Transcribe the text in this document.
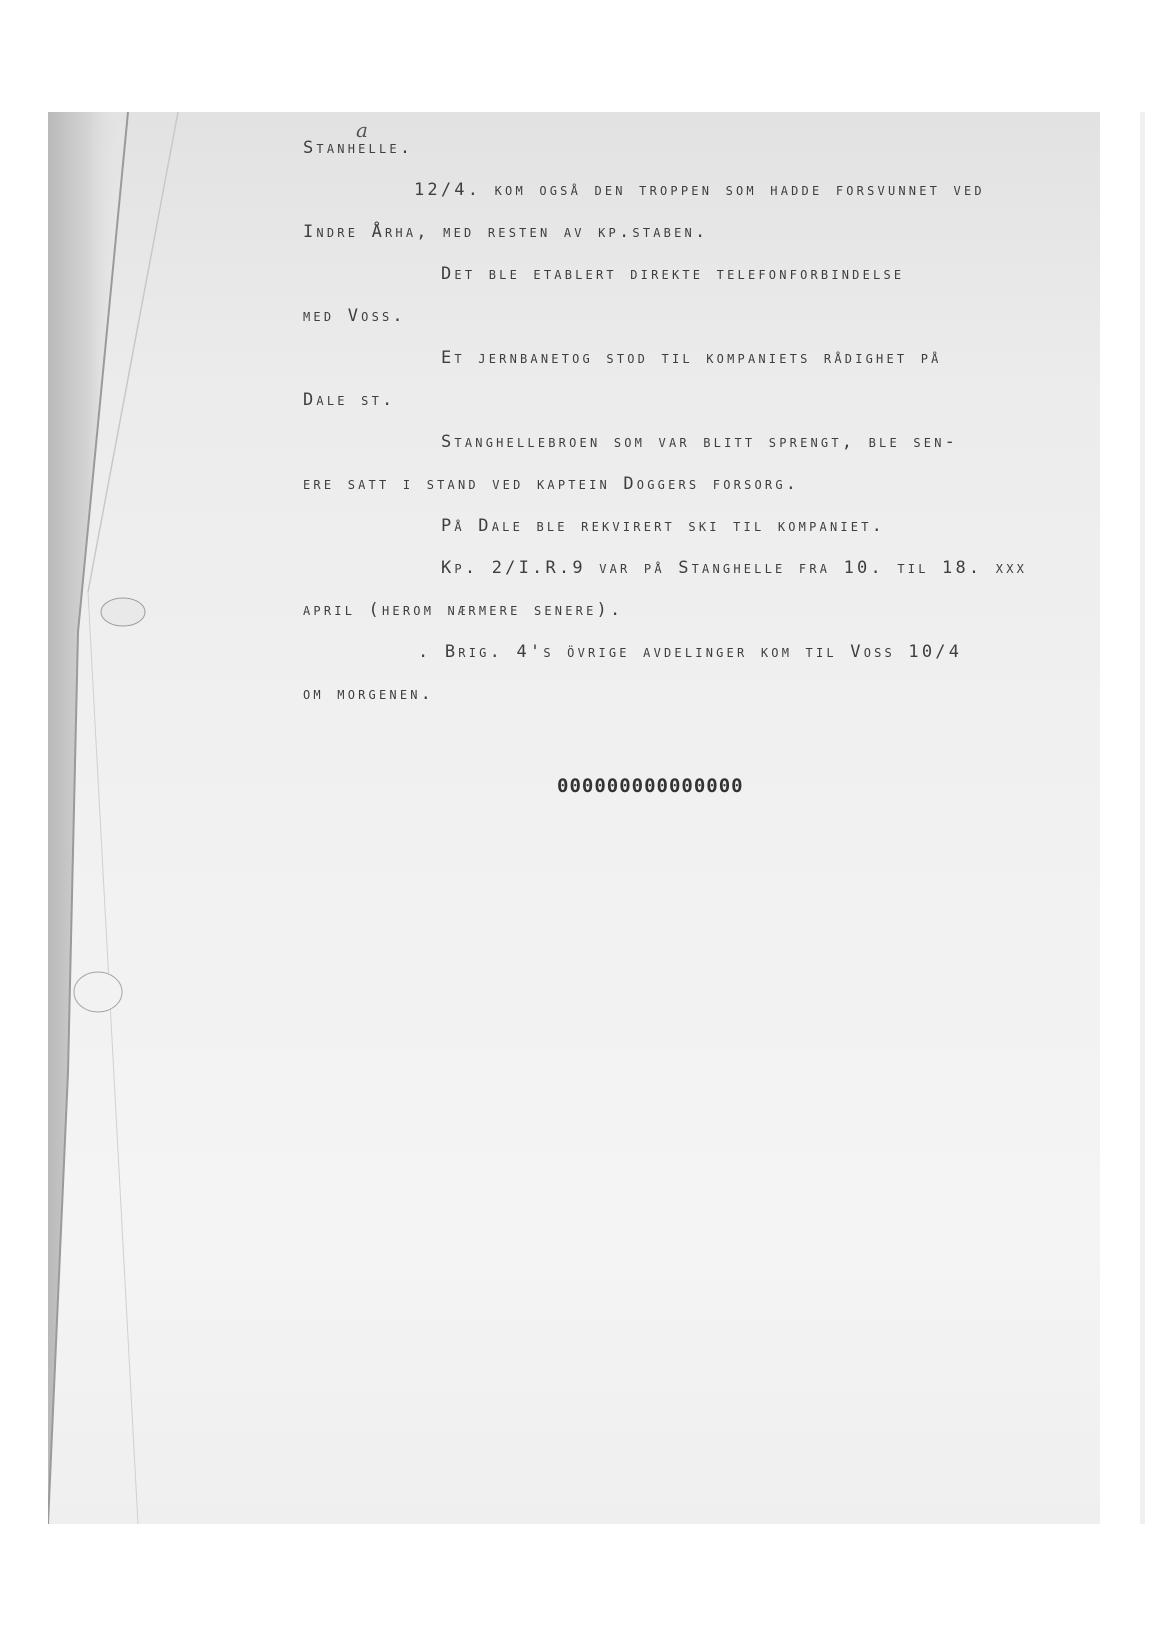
a
Stanhelle.
12/4. kom også den troppen som hadde forsvunnet ved
Indre Årha, med resten av kp.staben.
Det ble etablert direkte telefonforbindelse
med Voss.
Et jernbanetog stod til kompaniets rådighet på
Dale st.
Stanghellebroen som var blitt sprengt, ble sen-
ere satt i stand ved kaptein Doggers forsorg.
På Dale ble rekvirert ski til kompaniet.
Kp. 2/I.R.9 var på Stanghelle fra 10. til 18. xxx
april (herom nærmere senere).
. Brig. 4's övrige avdelinger kom til Voss 10/4
om morgenen.
000000000000000
